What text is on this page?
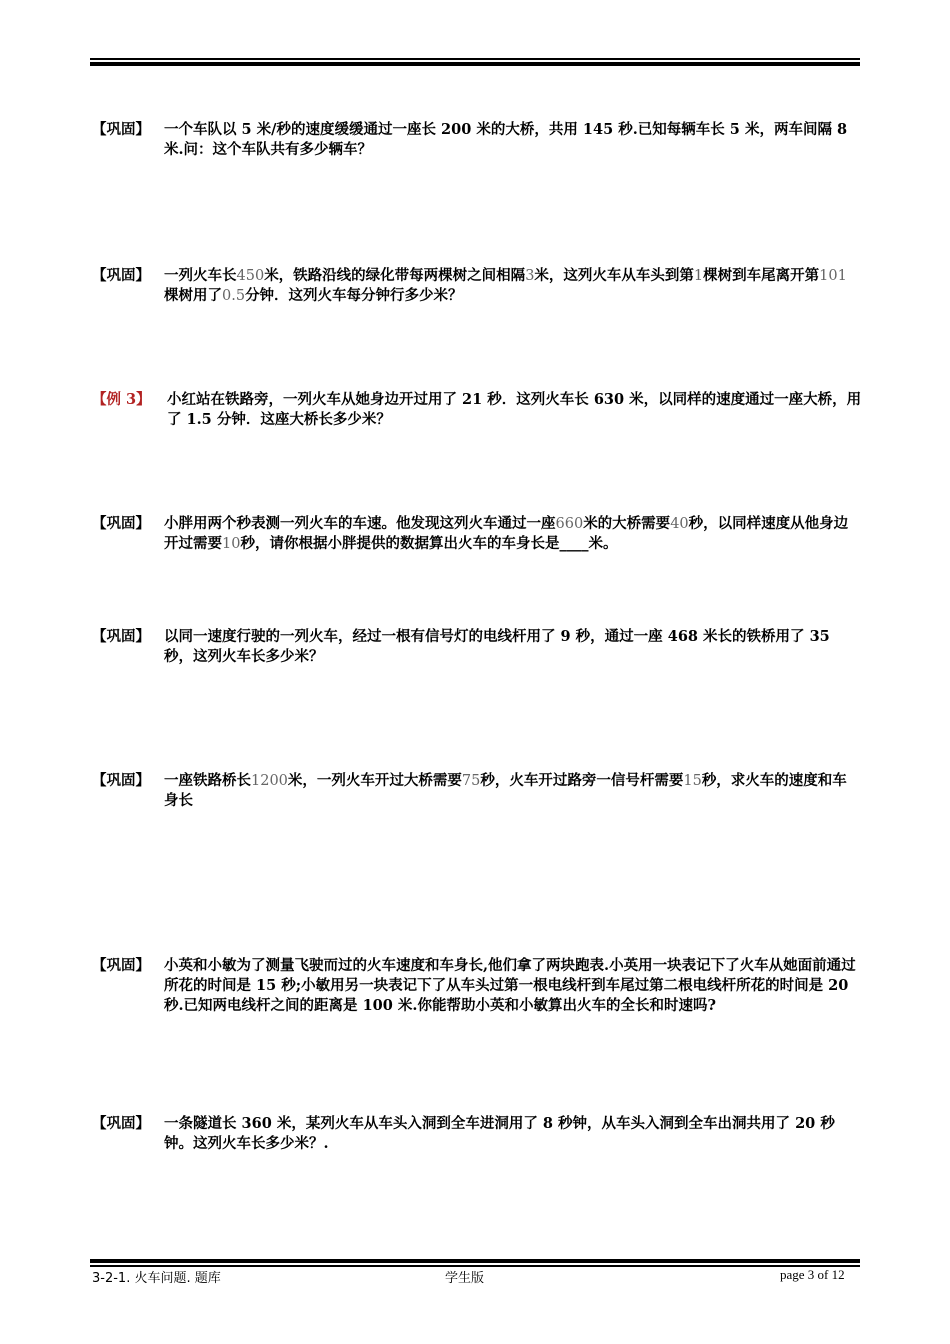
【巩固】 一个车队以 5 米/秒的速度缓缓通过一座长 200 米的大桥，共用 145 秒.已知每辆车长 5 米，两车间隔 8 米.问：这个车队共有多少辆车？
【巩固】 一列火车长450米，铁路沿线的绿化带每两棵树之间相隔3米，这列火车从车头到第1棵树到车尾离开第101棵树用了0.5分钟．这列火车每分钟行多少米？
【例 3】 小红站在铁路旁，一列火车从她身边开过用了 21 秒．这列火车长 630 米，以同样的速度通过一座大桥，用了 1.5 分钟．这座大桥长多少米？
【巩固】 小胖用两个秒表测一列火车的车速。他发现这列火车通过一座660米的大桥需要40秒，以同样速度从他身边开过需要10秒，请你根据小胖提供的数据算出火车的车身长是____米。
【巩固】 以同一速度行驶的一列火车，经过一根有信号灯的电线杆用了 9 秒，通过一座 468 米长的铁桥用了 35 秒，这列火车长多少米？
【巩固】 一座铁路桥长1200米，一列火车开过大桥需要75秒，火车开过路旁一信号杆需要15秒，求火车的速度和车身长
【巩固】 小英和小敏为了测量飞驶而过的火车速度和车身长,他们拿了两块跑表.小英用一块表记下了火车从她面前通过所花的时间是 15 秒;小敏用另一块表记下了从车头过第一根电线杆到车尾过第二根电线杆所花的时间是 20 秒.已知两电线杆之间的距离是 100 米.你能帮助小英和小敏算出火车的全长和时速吗?
【巩固】 一条隧道长 360 米，某列火车从车头入洞到全车进洞用了 8 秒钟，从车头入洞到全车出洞共用了 20 秒钟。这列火车长多少米？.
3-2-1. 火车问题. 题库	学生版	page 3 of 12
